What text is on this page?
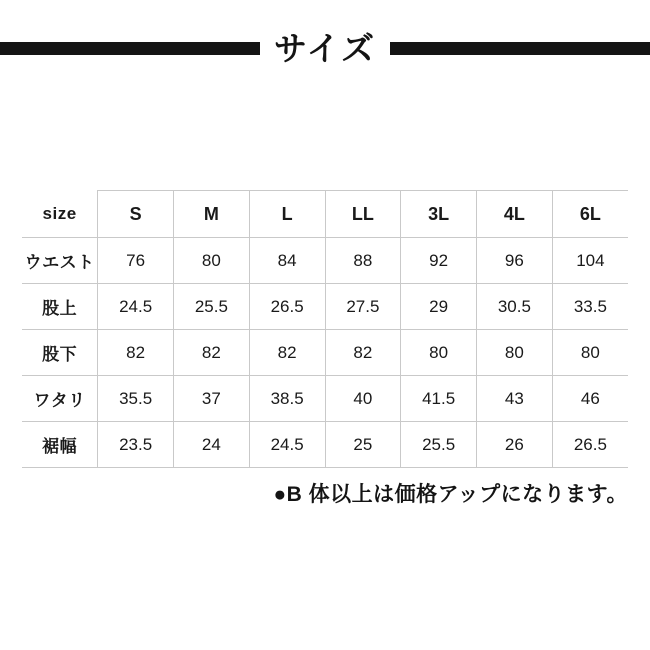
サイズ
size	S	M	L	LL	3L	4L	6L
ウエスト	76	80	84	88	92	96	104
股上	24.5	25.5	26.5	27.5	29	30.5	33.5
股下	82	82	82	82	80	80	80
ワタリ	35.5	37	38.5	40	41.5	43	46
裾幅	23.5	24	24.5	25	25.5	26	26.5
●B 体以上は価格アップになります。
